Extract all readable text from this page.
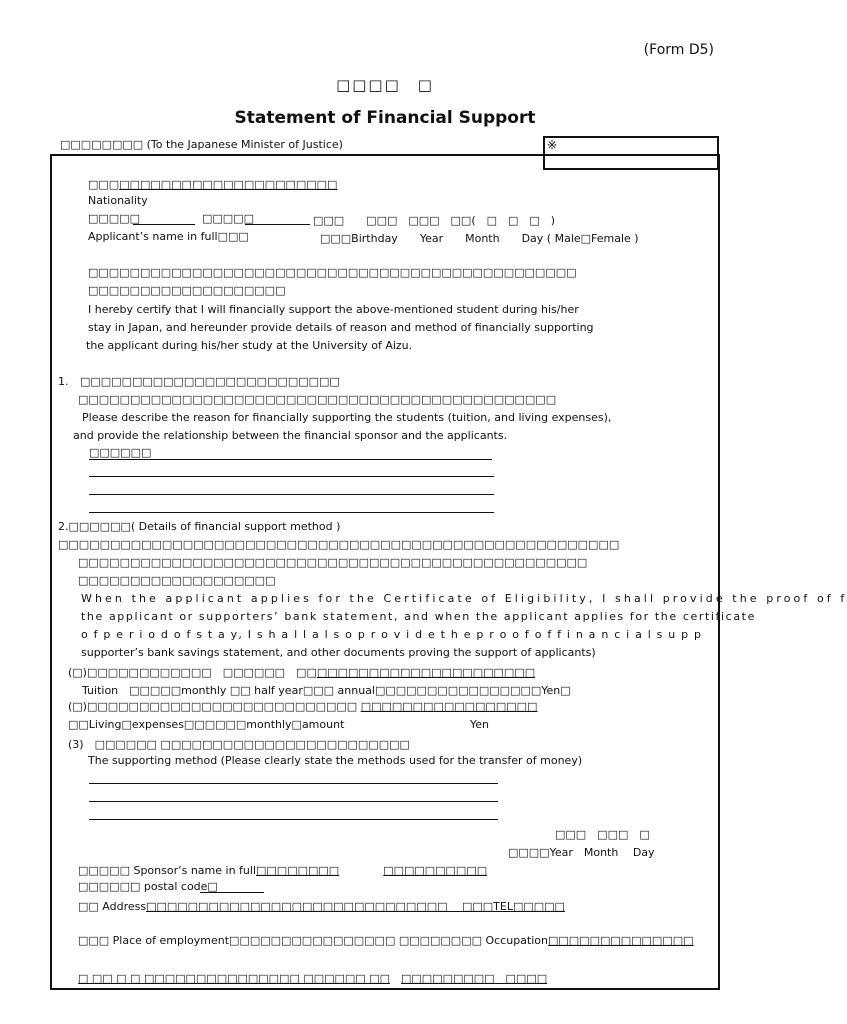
(Form D5)
□□□□　□
Statement of Financial Support
□□□□□□□□ (To the Japanese Minister of Justice)	※
□□□□□□□□□□□□□□□□□□□□□□□□
Nationality
□□□□□	□□□□□	□□□　　□□□　□□□　□□(　□　□　□　)
Applicant’s name in full□□□	□□□Birthday　　Year　　Month　　Day ( Male□Female )
□□□□□□□□□□□□□□□□□□□□□□□□□□□□□□□□□□□□□□□□□□□□□□□
□□□□□□□□□□□□□□□□□□□
I hereby certify that I will financially support the above-mentioned student during his/her
stay in Japan, and hereunder provide details of reason and method of financially supporting
the applicant during his/her study at the University of Aizu.
1. □□□□□□□□□□□□□□□□□□□□□□□□□
□□□□□□□□□□□□□□□□□□□□□□□□□□□□□□□□□□□□□□□□□□□□□□
Please describe the reason for financially supporting the students (tuition, and living expenses),
and provide the relationship between the financial sponsor and the applicants.
□□□□□□
2.□□□□□□( Details of financial support method )
□□□□□□□□□□□□□□□□□□□□□□□□□□□□□□□□□□□□□□□□□□□□□□□□□□□□□□
□□□□□□□□□□□□□□□□□□□□□□□□□□□□□□□□□□□□□□□□□□□□□□□□□
□□□□□□□□□□□□□□□□□□□
When the applicant applies for the Certificate of Eligibility, I shall provide the proof of f
the applicant or supporters’ bank statement, and when the applicant applies for the certificate
o f p e r i o d o f s t a y, I s h a l l a l s o p r o v i d e t h e p r o o f o f f i n a n c i a l s u p p
supporter’s bank savings statement, and other documents proving the support of applicants)
(□)□□□□□□□□□□□□　□□□□□□　□□□□□□□□□□□□□□□□□□□□□□□
Tuition　□□□□□monthly □□ half year□□□ annual□□□□□□□□□□□□□□□□Yen□
(□)□□□□□□□□□□□□□□□□□□□□□□□□□□ □□□□□□□□□□□□□□□□□
□□Living□expenses□□□□□□monthly□amount	Yen
(3)　□□□□□□ □□□□□□□□□□□□□□□□□□□□□□□□
The supporting method (Please clearly state the methods used for the transfer of money)
□□□　□□□　□
□□□□Year　Month　 Day
□□□□□ Sponsor’s name in full□□□□□□□□　　　　	□□□□□□□□□□
□□□□□□ postal code□
□□ Address□□□□□□□□□□□□□□□□□□□□□□□□□□□□□　 □□□TEL□□□□□
□□□ Place of employment□□□□□□□□□□□□□□□□ □□□□□□□□ Occupation□□□□□□□□□□□□□□
□ □□ □ □ □□□□□□□□□□□□□□□ □□□□□□ □□　 □□□□□□□□□　□□□□
